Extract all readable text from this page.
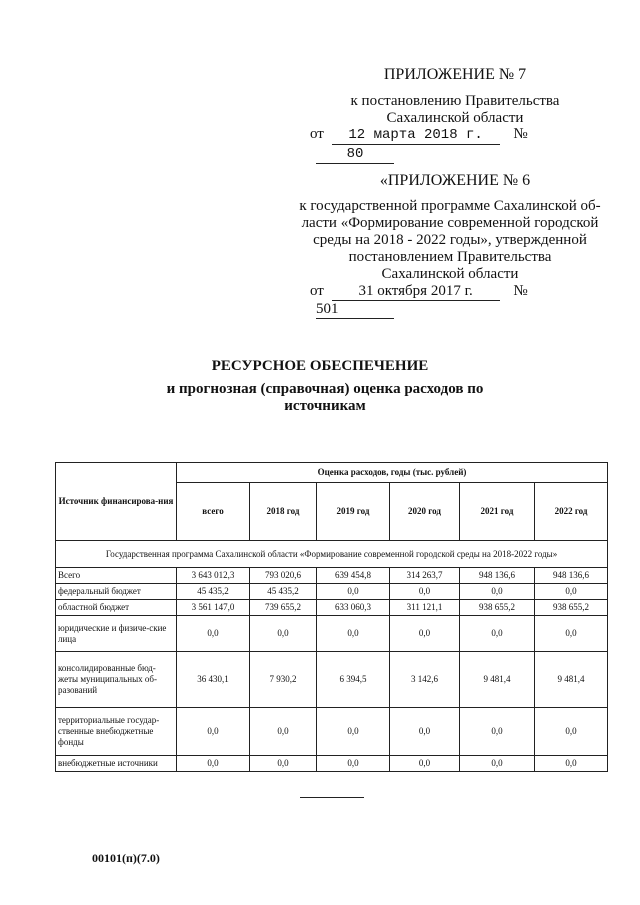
ПРИЛОЖЕНИЕ № 7
к постановлению Правительства
Сахалинской области
от 12 марта 2018 г. № 80
«ПРИЛОЖЕНИЕ № 6
к государственной программе Сахалинской об-
ласти «Формирование современной городской
среды на 2018 - 2022 годы», утвержденной
постановлением Правительства
Сахалинской области
от 31 октября 2017 г.	№ 501
РЕСУРСНОЕ ОБЕСПЕЧЕНИЕ
и прогнозная (справочная) оценка расходов по
источникам
Источник финансирова-ния	Оценка расходов, годы (тыс. рублей)					
	всего	2018 год	2019 год	2020 год	2021 год	2022 год
Государственная программа Сахалинской области «Формирование современной городской среды на 2018-2022 годы»						
Всего	3 643 012,3	793 020,6	639 454,8	314 263,7	948 136,6	948 136,6
федеральный бюджет	45 435,2	45 435,2	0,0	0,0	0,0	0,0
областной бюджет	3 561 147,0	739 655,2	633 060,3	311 121,1	938 655,2	938 655,2
юридические и физиче-ские лица	0,0	0,0	0,0	0,0	0,0	0,0
консолидированные бюд-жеты муниципальных об-разований	36 430,1	7 930,2	6 394,5	3 142,6	9 481,4	9 481,4
территориальные государ-ственные внебюджетные фонды	0,0	0,0	0,0	0,0	0,0	0,0
внебюджетные источники	0,0	0,0	0,0	0,0	0,0	0,0
00101(п)(7.0)
